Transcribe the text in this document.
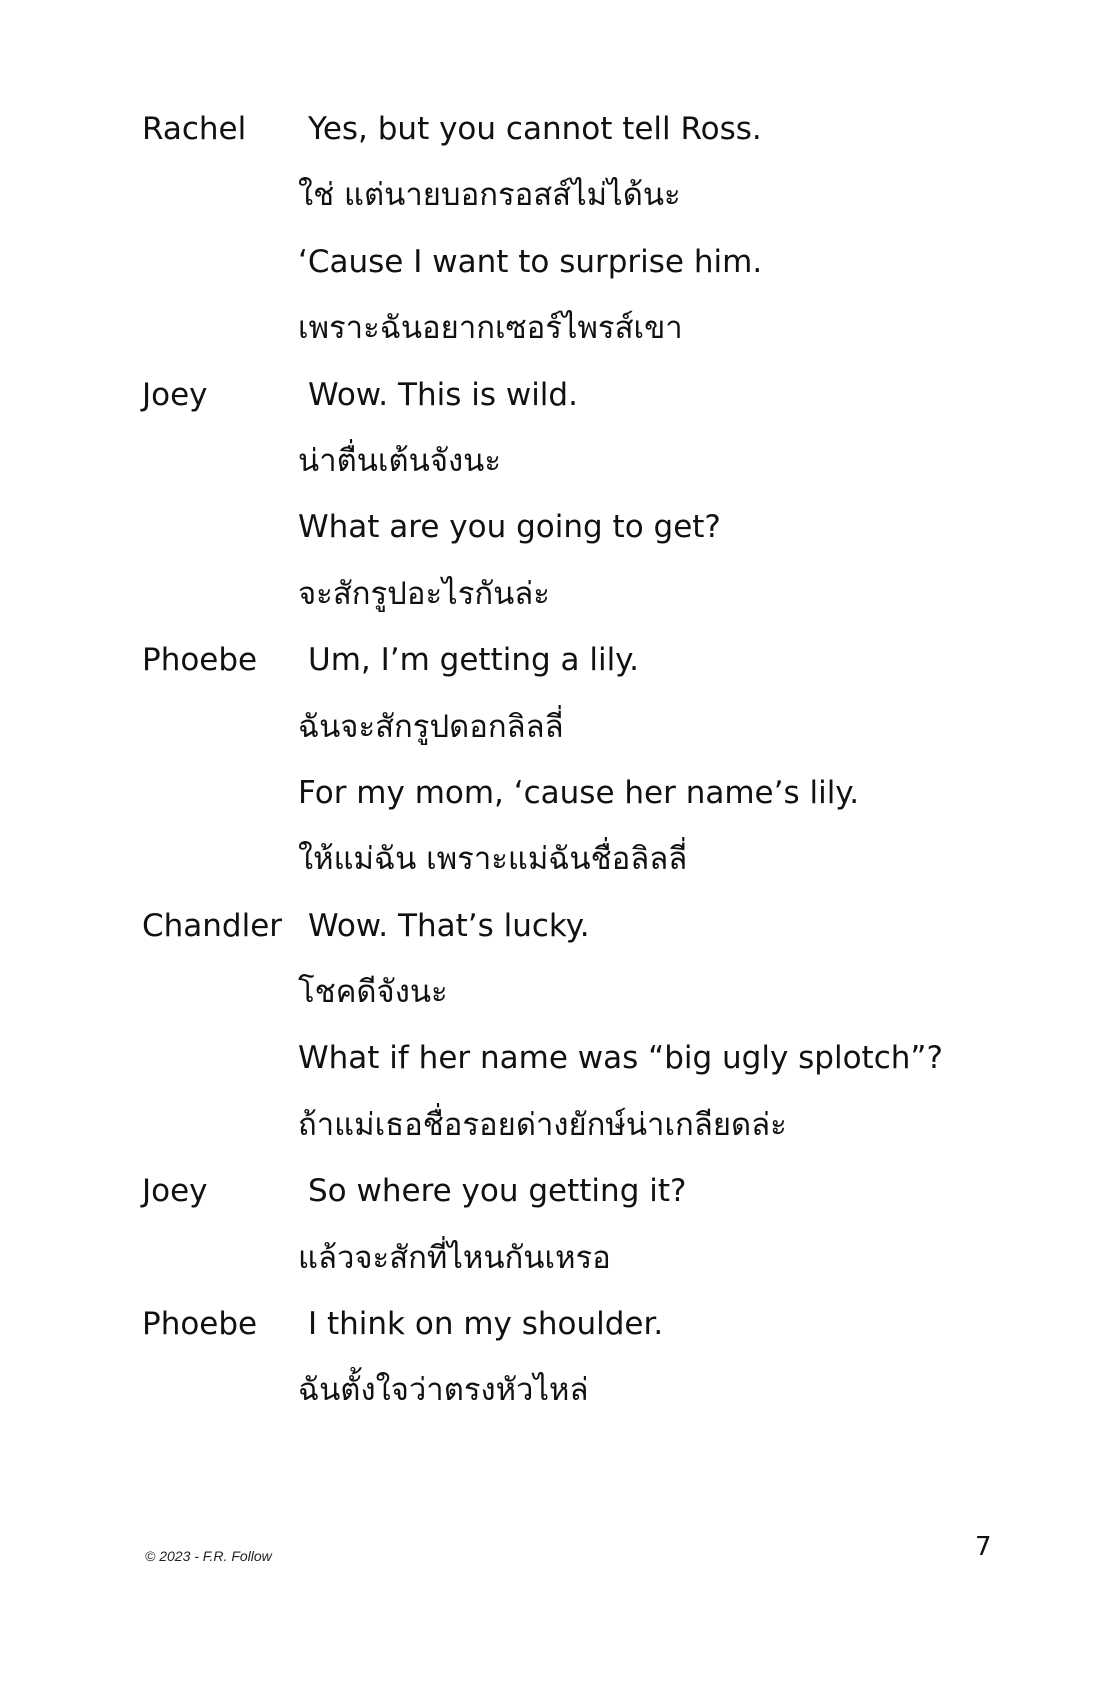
Rachel	Yes, but you cannot tell Ross.
ใช่ แต่นายบอกรอสส์ไม่ได้นะ
‘Cause I want to surprise him.
เพราะฉันอยากเซอร์ไพรส์เขา
Joey	Wow. This is wild.
น่าตื่นเต้นจังนะ
What are you going to get?
จะสักรูปอะไรกันล่ะ
Phoebe	Um, I’m getting a lily.
ฉันจะสักรูปดอกลิลลี่
For my mom, ‘cause her name’s lily.
ให้แม่ฉัน เพราะแม่ฉันชื่อลิลลี่
Chandler Wow. That’s lucky.
โชคดีจังนะ
What if her name was “big ugly splotch”?
ถ้าแม่เธอชื่อรอยด่างยักษ์น่าเกลียดล่ะ
Joey	So where you getting it?
แล้วจะสักที่ไหนกันเหรอ
Phoebe	I think on my shoulder.
ฉันตั้งใจว่าตรงหัวไหล่
© 2023 - F.R. Follow	7
